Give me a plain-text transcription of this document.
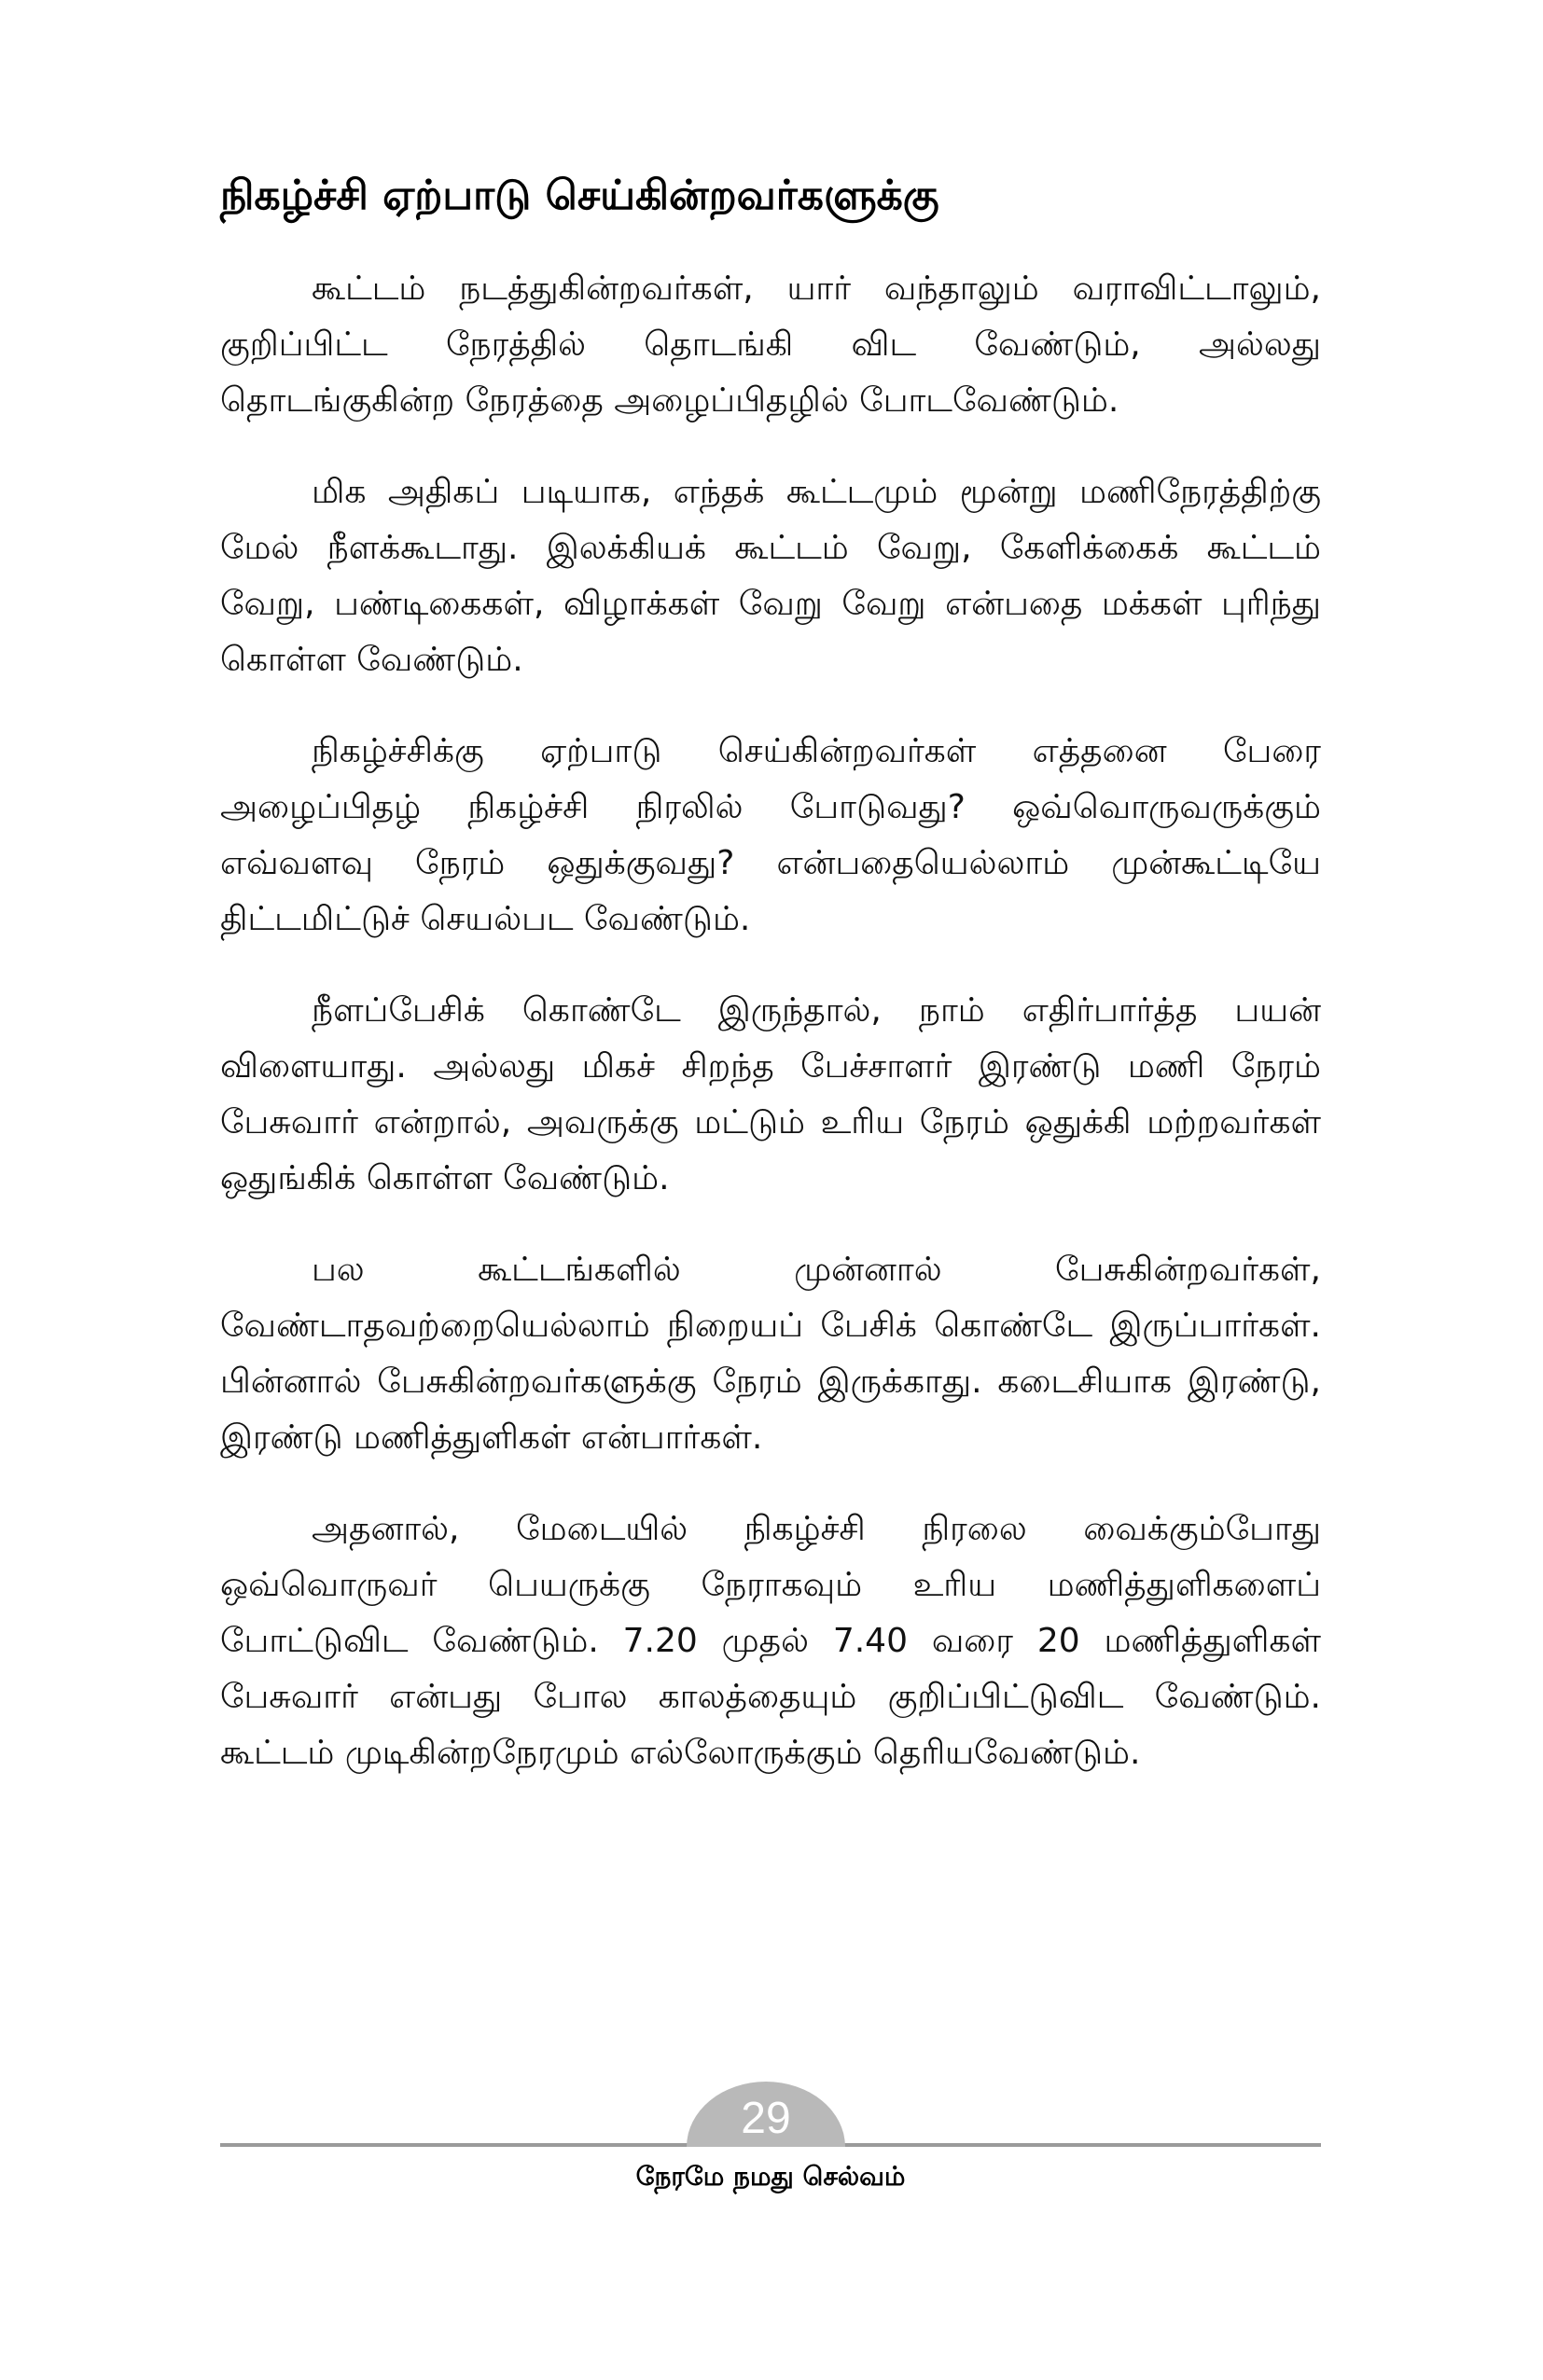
நிகழ்ச்சி ஏற்பாடு செய்கின்றவர்களுக்கு

கூட்டம் நடத்துகின்றவர்கள், யார் வந்தாலும் வராவிட்டாலும், குறிப்பிட்ட நேரத்தில் தொடங்கி விட வேண்டும், அல்லது தொடங்குகின்ற நேரத்தை அழைப்பிதழில் போடவேண்டும்.

மிக அதிகப் படியாக, எந்தக் கூட்டமும் மூன்று மணிநேரத்திற்கு மேல் நீளக்கூடாது. இலக்கியக் கூட்டம் வேறு, கேளிக்கைக் கூட்டம் வேறு, பண்டிகைகள், விழாக்கள் வேறு வேறு என்பதை மக்கள் புரிந்து கொள்ள வேண்டும்.

நிகழ்ச்சிக்கு ஏற்பாடு செய்கின்றவர்கள் எத்தனை பேரை அழைப்பிதழ் நிகழ்ச்சி நிரலில் போடுவது? ஒவ்வொருவருக்கும் எவ்வளவு நேரம் ஒதுக்குவது? என்பதையெல்லாம் முன்கூட்டியே திட்டமிட்டுச் செயல்பட வேண்டும்.

நீளப்பேசிக் கொண்டே இருந்தால், நாம் எதிர்பார்த்த பயன் விளையாது. அல்லது மிகச் சிறந்த பேச்சாளர் இரண்டு மணி நேரம் பேசுவார் என்றால், அவருக்கு மட்டும் உரிய நேரம் ஒதுக்கி மற்றவர்கள் ஒதுங்கிக் கொள்ள வேண்டும்.

பல கூட்டங்களில் முன்னால் பேசுகின்றவர்கள், வேண்டாதவற்றையெல்லாம் நிறையப் பேசிக் கொண்டே இருப்பார்கள். பின்னால் பேசுகின்றவர்களுக்கு நேரம் இருக்காது. கடைசியாக இரண்டு, இரண்டு மணித்துளிகள் என்பார்கள்.

அதனால், மேடையில் நிகழ்ச்சி நிரலை வைக்கும்போது ஒவ்வொருவர் பெயருக்கு நேராகவும் உரிய மணித்துளிகளைப் போட்டுவிட வேண்டும். 7.20 முதல் 7.40 வரை 20 மணித்துளிகள் பேசுவார் என்பது போல காலத்தையும் குறிப்பிட்டுவிட வேண்டும். கூட்டம் முடிகின்றநேரமும் எல்லோருக்கும் தெரியவேண்டும்.

29
நேரமே நமது செல்வம்
